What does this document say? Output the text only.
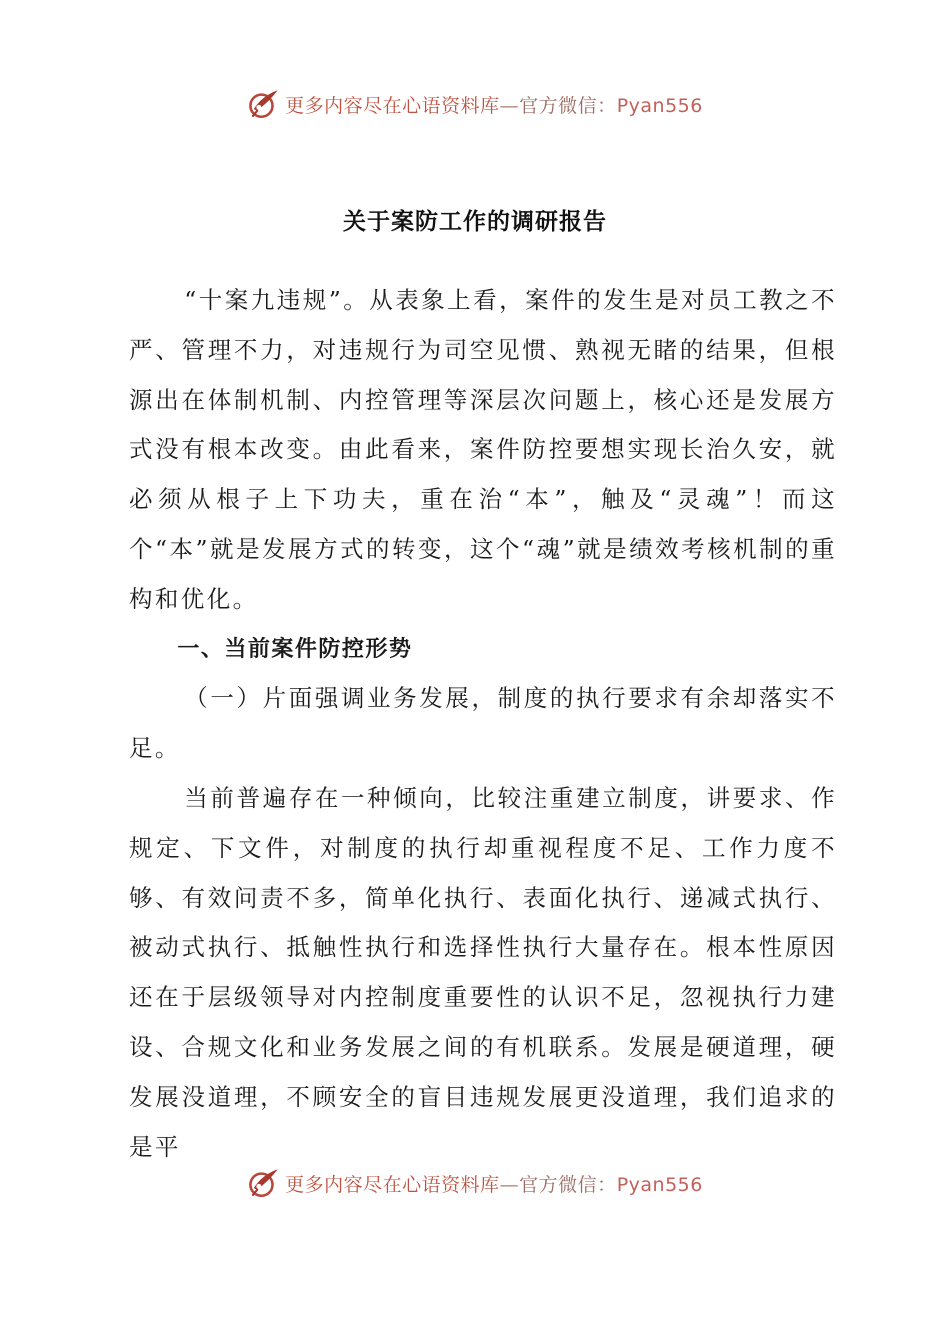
更多内容尽在心语资料库—官方微信：Pyan556
关于案防工作的调研报告

“十案九违规”。从表象上看，案件的发生是对员工教之不严、管理不力，对违规行为司空见惯、熟视无睹的结果，但根源出在体制机制、内控管理等深层次问题上，核心还是发展方式没有根本改变。由此看来，案件防控要想实现长治久安，就必须从根子上下功夫，重在治“本”，触及“灵魂”！而这个“本”就是发展方式的转变，这个“魂”就是绩效考核机制的重构和优化。

一、当前案件防控形势

（一）片面强调业务发展，制度的执行要求有余却落实不足。

当前普遍存在一种倾向，比较注重建立制度，讲要求、作规定、下文件，对制度的执行却重视程度不足、工作力度不够、有效问责不多，简单化执行、表面化执行、递减式执行、被动式执行、抵触性执行和选择性执行大量存在。根本性原因还在于层级领导对内控制度重要性的认识不足，忽视执行力建设、合规文化和业务发展之间的有机联系。发展是硬道理，硬发展没道理，不顾安全的盲目违规发展更没道理，我们追求的是平

更多内容尽在心语资料库—官方微信：Pyan556
